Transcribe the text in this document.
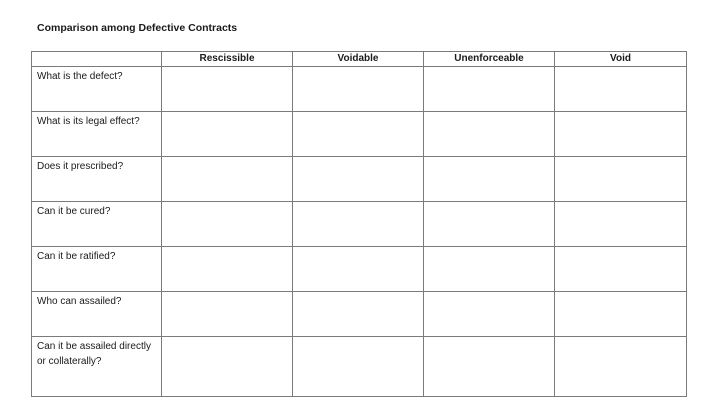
Comparison among Defective Contracts
	Rescissible	Voidable	Unenforceable	Void
What is the defect?				
What is its legal effect?				
Does it prescribed?				
Can it be cured?				
Can it be ratified?				
Who can assailed?				
Can it be assailed directly or collaterally?				
